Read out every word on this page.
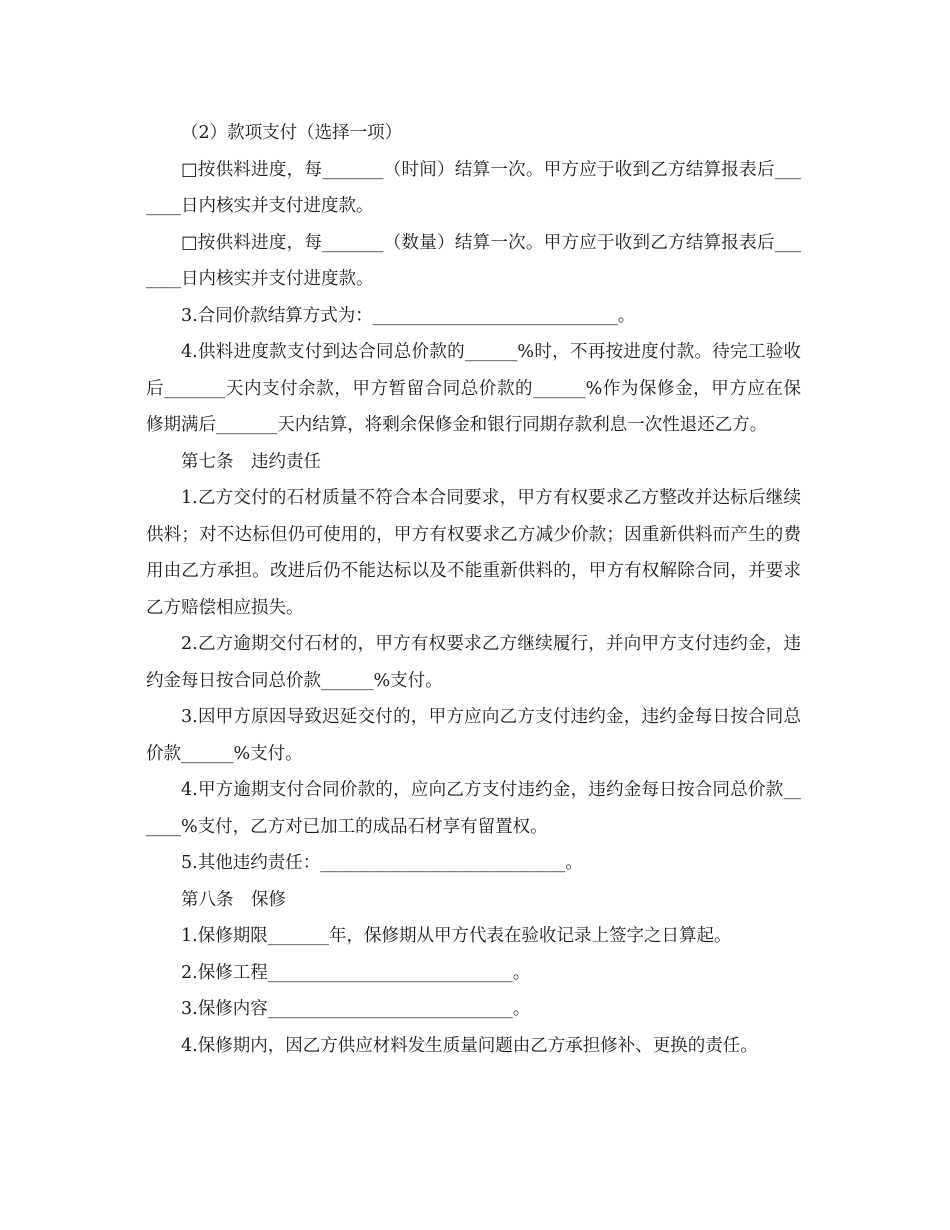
（2）款项支付（选择一项）

□按供料进度，每_______（时间）结算一次。甲方应于收到乙方结算报表后_______日内核实并支付进度款。

□按供料进度，每_______（数量）结算一次。甲方应于收到乙方结算报表后_______日内核实并支付进度款。

3.合同价款结算方式为：____________________________。

4.供料进度款支付到达合同总价款的______%时，不再按进度付款。待完工验收后_______天内支付余款，甲方暂留合同总价款的______%作为保修金，甲方应在保修期满后_______天内结算，将剩余保修金和银行同期存款利息一次性退还乙方。

第七条　违约责任

1.乙方交付的石材质量不符合本合同要求，甲方有权要求乙方整改并达标后继续供料；对不达标但仍可使用的，甲方有权要求乙方减少价款；因重新供料而产生的费用由乙方承担。改进后仍不能达标以及不能重新供料的，甲方有权解除合同，并要求乙方赔偿相应损失。

2.乙方逾期交付石材的，甲方有权要求乙方继续履行，并向甲方支付违约金，违约金每日按合同总价款______%支付。

3.因甲方原因导致迟延交付的，甲方应向乙方支付违约金，违约金每日按合同总价款______%支付。

4.甲方逾期支付合同价款的，应向乙方支付违约金，违约金每日按合同总价款______%支付，乙方对已加工的成品石材享有留置权。

5.其他违约责任：____________________________。

第八条　保修

1.保修期限_______年，保修期从甲方代表在验收记录上签字之日算起。

2.保修工程____________________________。

3.保修内容____________________________。

4.保修期内，因乙方供应材料发生质量问题由乙方承担修补、更换的责任。
